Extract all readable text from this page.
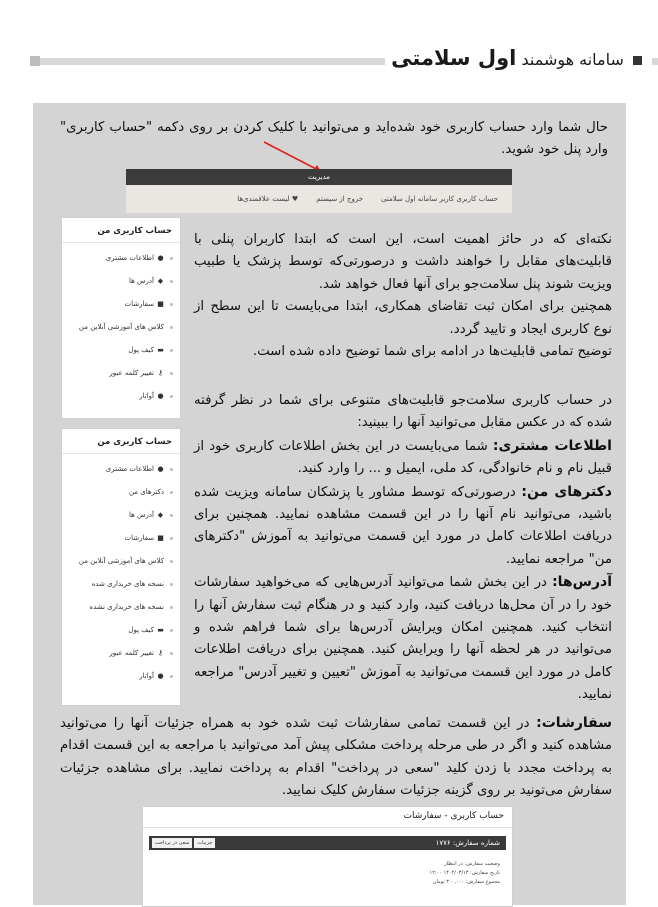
سامانه هوشمند اول سلامتی
حال شما وارد حساب کاربری خود شده‌اید و می‌توانید با کلیک کردن بر روی دکمه "حساب کاربری" وارد پنل خود شوید.
مدیریت
حساب کاربری کاربر سامانه اول سلامتی
خروج از سیستم
♥ لیست علاقمندی‌ها
حساب کاربری من
●اطلاعات مشتری
◆آدرس ها
■سفارشات
کلاس های آموزشی آنلاین من
▬کیف پول
⚷تغییر کلمه عبور
●آواتار
حساب کاربری من
●اطلاعات مشتری
دکترهای من
◆آدرس ها
■سفارشات
کلاس های آموزشی آنلاین من
نسخه های خریداری شده
نسخه های خریداری نشده
▬کیف پول
⚷تغییر کلمه عبور
●آواتار
نکته‌ای که در حائز اهمیت است، این است که ابتدا کاربران پنلی با قابلیت‌های مقابل را خواهند داشت و درصورتی‌که توسط پزشک یا طبیب ویزیت شوند پنل سلامت‌جو برای آنها فعال خواهد شد.
همچنین برای امکان ثبت تقاضای همکاری، ابتدا می‌بایست تا این سطح از نوع کاربری ایجاد و تایید گردد.
توضیح تمامی قابلیت‌ها در ادامه برای شما توضیح داده شده است.
در حساب کاربری سلامت‌جو قابلیت‌های متنوعی برای شما در نظر گرفته شده که در عکس مقابل می‌توانید آنها را ببینید:
اطلاعات مشتری: شما می‌بایست در این بخش اطلاعات کاربری خود از قبیل نام و نام خانوادگی، کد ملی، ایمیل و ... را وارد کنید.
دکترهای من: درصورتی‌که توسط مشاور یا پزشکان سامانه ویزیت شده باشید، می‌توانید نام آنها را در این قسمت مشاهده نمایید. همچنین برای دریافت اطلاعات کامل در مورد این قسمت می‌توانید به آموزش "دکترهای من" مراجعه نمایید.
آدرس‌ها: در این بخش شما می‌توانید آدرس‌هایی که می‌خواهید سفارشات خود را در آن محل‌ها دریافت کنید، وارد کنید و در هنگام ثبت سفارش آنها را انتخاب کنید. همچنین امکان ویرایش آدرس‌ها برای شما فراهم شده و می‌توانید در هر لحظه آنها را ویرایش کنید. همچنین برای دریافت اطلاعات کامل در مورد این قسمت می‌توانید به آموزش "تعیین و تغییر آدرس" مراجعه نمایید.
سفارشات: در این قسمت تمامی سفارشات ثبت شده خود به همراه جزئیات آنها را می‌توانید مشاهده کنید و اگر در طی مرحله پرداخت مشکلی پیش آمد می‌توانید با مراجعه به این قسمت اقدام به پرداخت مجدد با زدن کلید "سعی در پرداخت" اقدام به پرداخت نمایید. برای مشاهده جزئیات سفارش می‌تونید بر روی گزینه جزئیات سفارش کلیک نمایید.
حساب کاربری - سفارشات
شماره سفارش: ۱۷۷۶
جزییات
سعی در پرداخت
وضعیت سفارش: در انتظار
تاریخ سفارش: ۱۴۰۲/۰۳/۱۳ ۱۲:۰۰
مجموع سفارش: ۳۰۰,۰۰۰ تومان
